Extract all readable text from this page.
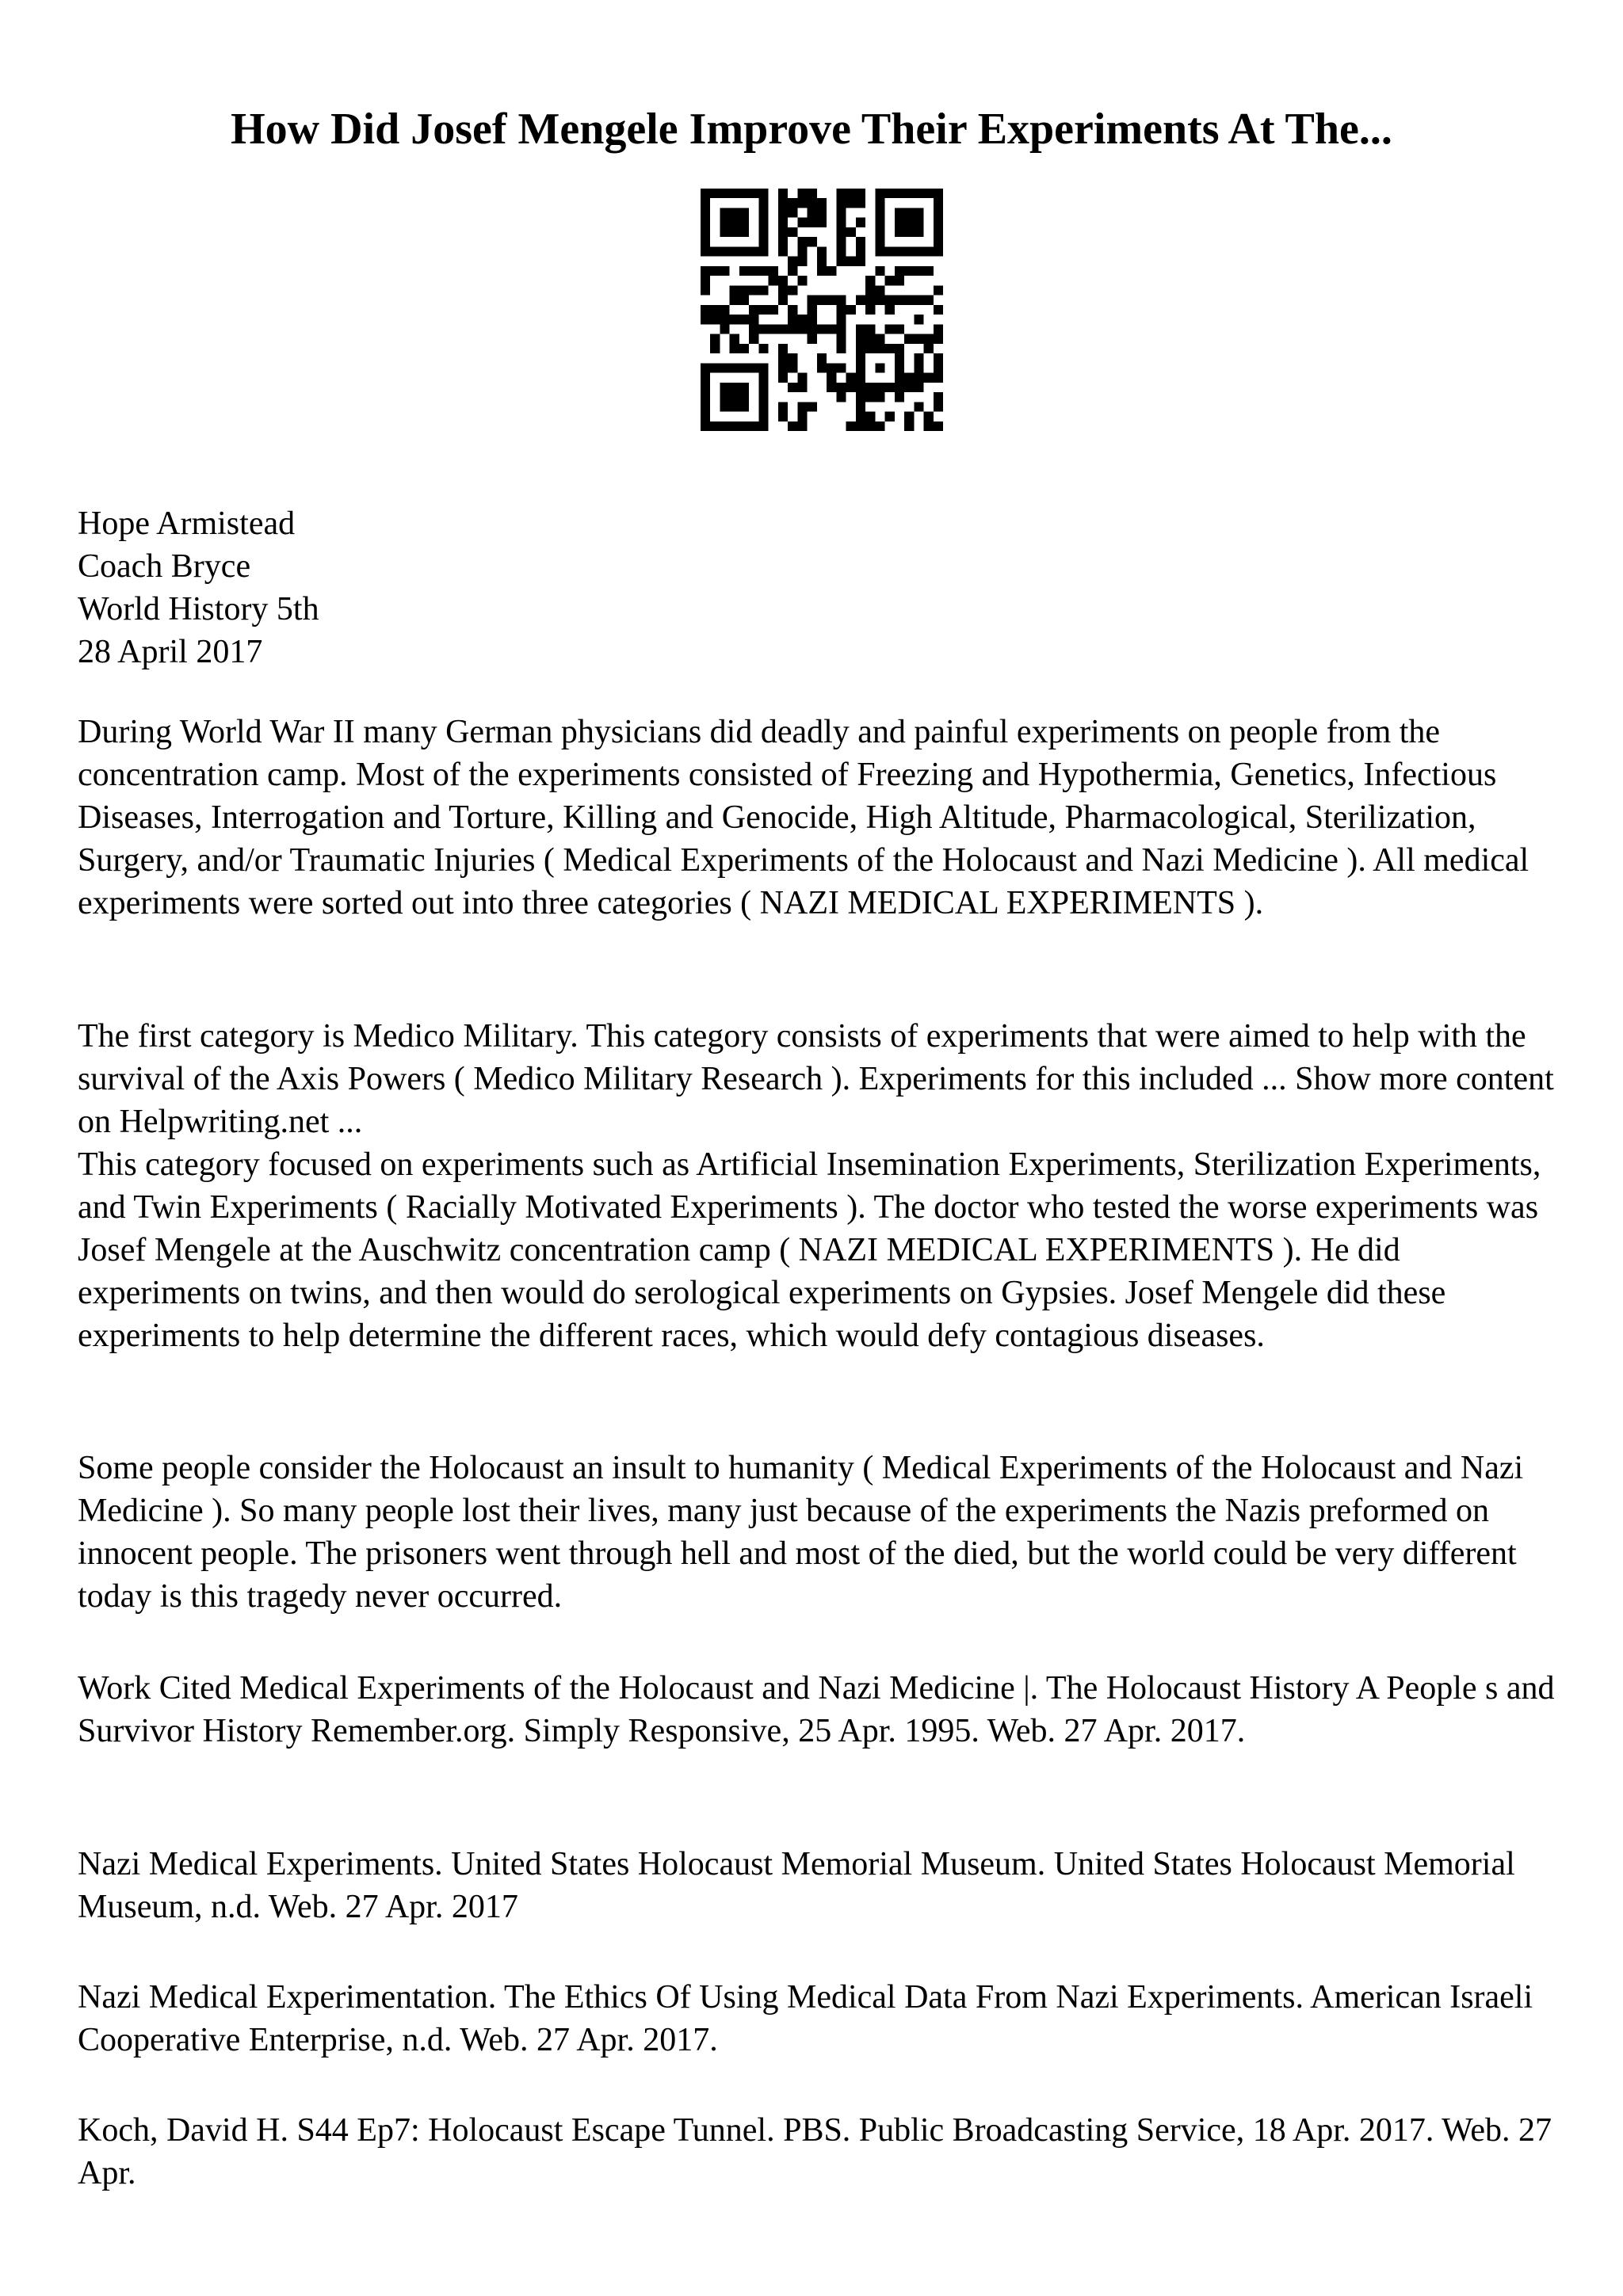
How Did Josef Mengele Improve Their Experiments At The...

Hope Armistead

Coach Bryce

World History 5th

28 April 2017

During World War II many German physicians did deadly and painful experiments on people from the concentration camp. Most of the experiments consisted of Freezing and Hypothermia, Genetics, Infectious Diseases, Interrogation and Torture, Killing and Genocide, High Altitude, Pharmacological, Sterilization, Surgery, and/or Traumatic Injuries ( Medical Experiments of the Holocaust and Nazi Medicine ). All medical experiments were sorted out into three categories ( NAZI MEDICAL EXPERIMENTS ).

The first category is Medico Military. This category consists of experiments that were aimed to help with the survival of the Axis Powers ( Medico Military Research ). Experiments for this included ... Show more content on Helpwriting.net ...

This category focused on experiments such as Artificial Insemination Experiments, Sterilization Experiments, and Twin Experiments ( Racially Motivated Experiments ). The doctor who tested the worse experiments was Josef Mengele at the Auschwitz concentration camp ( NAZI MEDICAL EXPERIMENTS ). He did experiments on twins, and then would do serological experiments on Gypsies. Josef Mengele did these experiments to help determine the different races, which would defy contagious diseases.

Some people consider the Holocaust an insult to humanity ( Medical Experiments of the Holocaust and Nazi Medicine ). So many people lost their lives, many just because of the experiments the Nazis preformed on innocent people. The prisoners went through hell and most of the died, but the world could be very different today is this tragedy never occurred.

Work Cited Medical Experiments of the Holocaust and Nazi Medicine |. The Holocaust History A People s and Survivor History Remember.org. Simply Responsive, 25 Apr. 1995. Web. 27 Apr. 2017.

Nazi Medical Experiments. United States Holocaust Memorial Museum. United States Holocaust Memorial Museum, n.d. Web. 27 Apr. 2017

Nazi Medical Experimentation. The Ethics Of Using Medical Data From Nazi Experiments. American Israeli Cooperative Enterprise, n.d. Web. 27 Apr. 2017.

Koch, David H. S44 Ep7: Holocaust Escape Tunnel. PBS. Public Broadcasting Service, 18 Apr. 2017. Web. 27 Apr.
